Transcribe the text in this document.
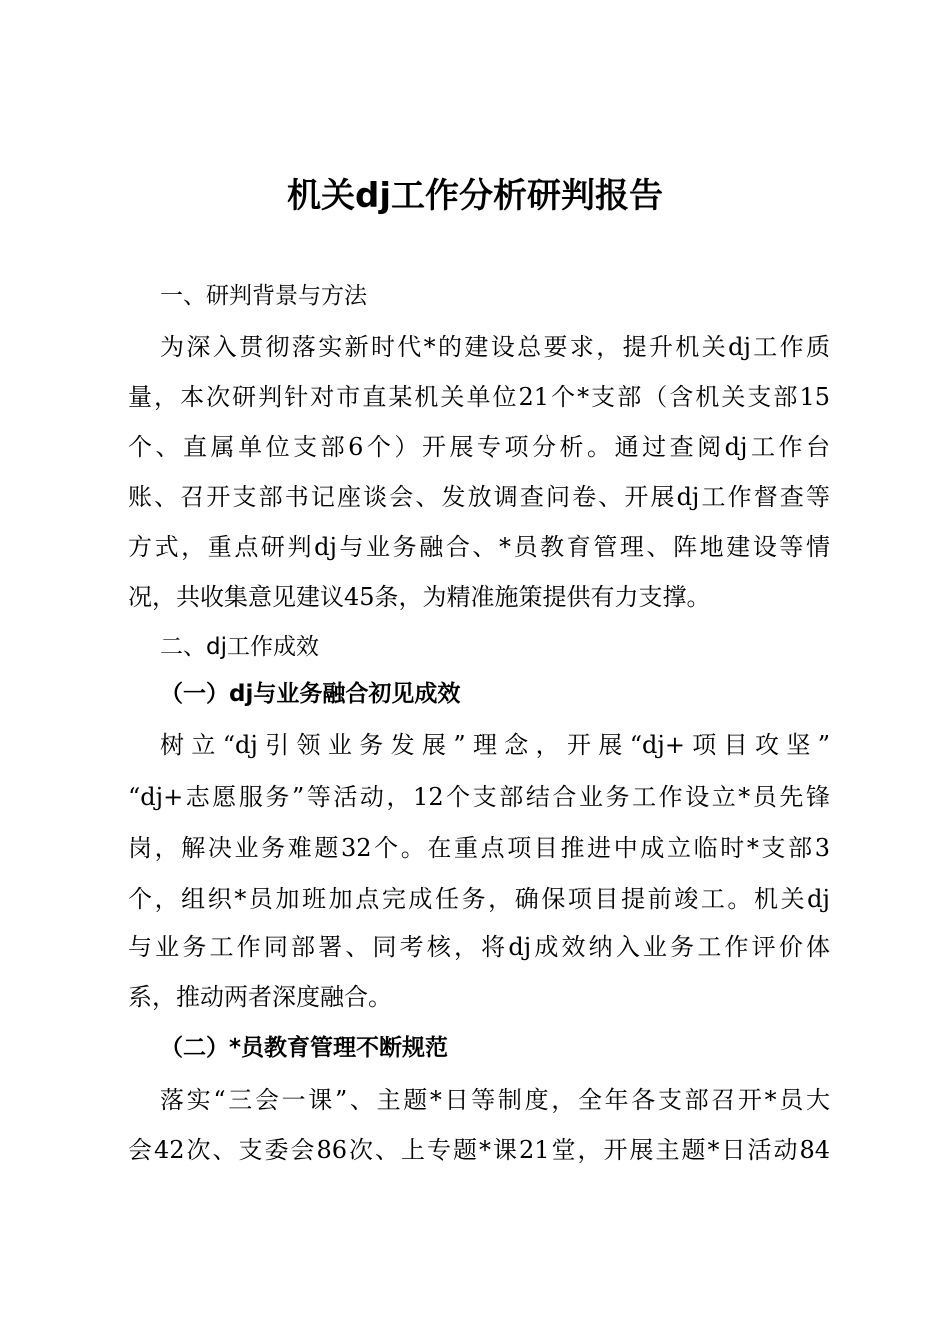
机关dj工作分析研判报告
一、研判背景与方法
为深入贯彻落实新时代*的建设总要求，提升机关dj工作质
量，本次研判针对市直某机关单位21个*支部（含机关支部15
个、直属单位支部6个）开展专项分析。通过查阅dj工作台
账、召开支部书记座谈会、发放调查问卷、开展dj工作督查等
方式，重点研判dj与业务融合、*员教育管理、阵地建设等情
况，共收集意见建议45条，为精准施策提供有力支撑。
二、dj工作成效
（一）dj与业务融合初见成效
树立“dj引领业务发展”理念，开展“dj+项目攻坚”
“dj+志愿服务”等活动，12个支部结合业务工作设立*员先锋
岗，解决业务难题32个。在重点项目推进中成立临时*支部3
个，组织*员加班加点完成任务，确保项目提前竣工。机关dj
与业务工作同部署、同考核，将dj成效纳入业务工作评价体
系，推动两者深度融合。
（二）*员教育管理不断规范
落实“三会一课”、主题*日等制度，全年各支部召开*员大
会42次、支委会86次、上专题*课21堂，开展主题*日活动84
